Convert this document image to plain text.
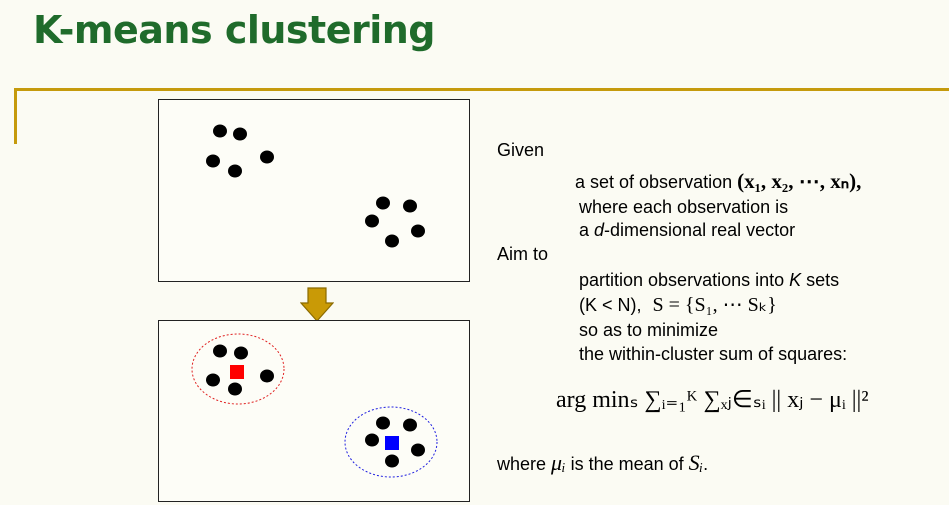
K-means clustering
Given
a set of observation (x₁, x₂, ⋯, xₙ),
where each observation is
a d-dimensional real vector
Aim to
partition observations into K sets
(K < N), S = {S₁, ⋯ Sₖ}
so as to minimize
the within-cluster sum of squares:
arg minₛ ∑ᵢ₌₁ᴷ ∑ₓⱼ∈ₛᵢ || xⱼ − μᵢ ||²
where μᵢ is the mean of Sᵢ.
